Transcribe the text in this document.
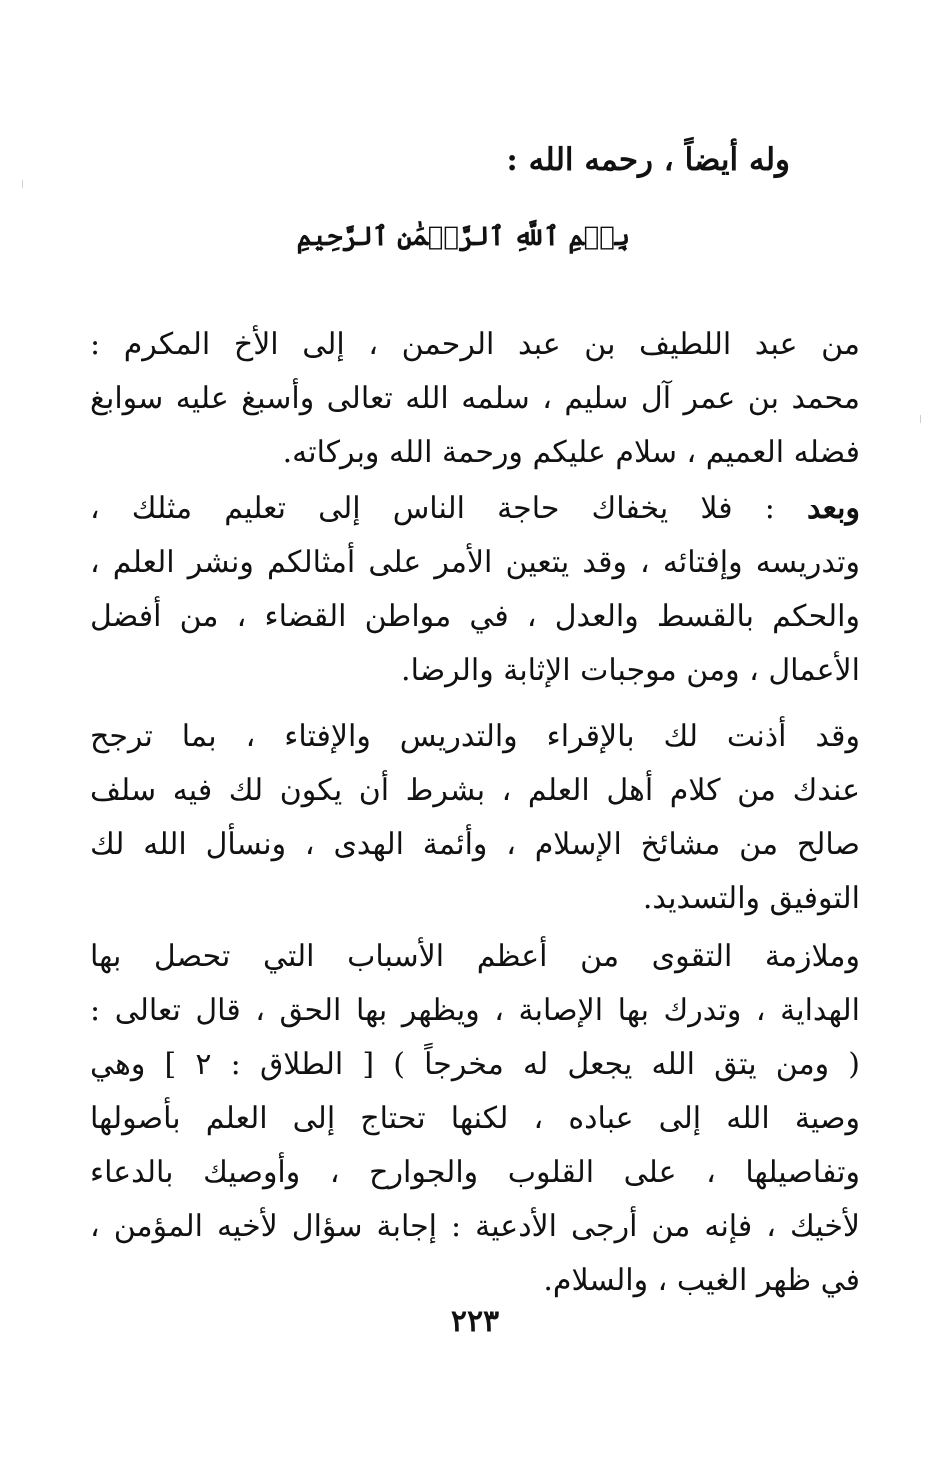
وله أيضاً ، رحمه الله :
بِسۡمِ ٱللَّهِ ٱلرَّحۡمَٰنِ ٱلرَّحِيمِ
من عبد اللطيف بن عبد الرحمن ، إلى الأخ المكرم :
محمد بن عمر آل سليم ، سلمه الله تعالى وأسبغ عليه سوابغ
فضله العميم ، سلام عليكم ورحمة الله وبركاته.
وبعد : فلا يخفاك حاجة الناس إلى تعليم مثلك ،
وتدريسه وإفتائه ، وقد يتعين الأمر على أمثالكم ونشر العلم ،
والحكم بالقسط والعدل ، في مواطن القضاء ، من أفضل
الأعمال ، ومن موجبات الإثابة والرضا.
وقد أذنت لك بالإقراء والتدريس والإفتاء ، بما ترجح
عندك من كلام أهل العلم ، بشرط أن يكون لك فيه سلف
صالح من مشائخ الإسلام ، وأئمة الهدى ، ونسأل الله لك
التوفيق والتسديد.
وملازمة التقوى من أعظم الأسباب التي تحصل بها
الهداية ، وتدرك بها الإصابة ، ويظهر بها الحق ، قال تعالى :
( ومن يتق الله يجعل له مخرجاً ) [ الطلاق : ٢ ] وهي
وصية الله إلى عباده ، لكنها تحتاج إلى العلم بأصولها
وتفاصيلها ، على القلوب والجوارح ، وأوصيك بالدعاء
لأخيك ، فإنه من أرجى الأدعية : إجابة سؤال لأخيه المؤمن ،
في ظهر الغيب ، والسلام.
٢٢٣
